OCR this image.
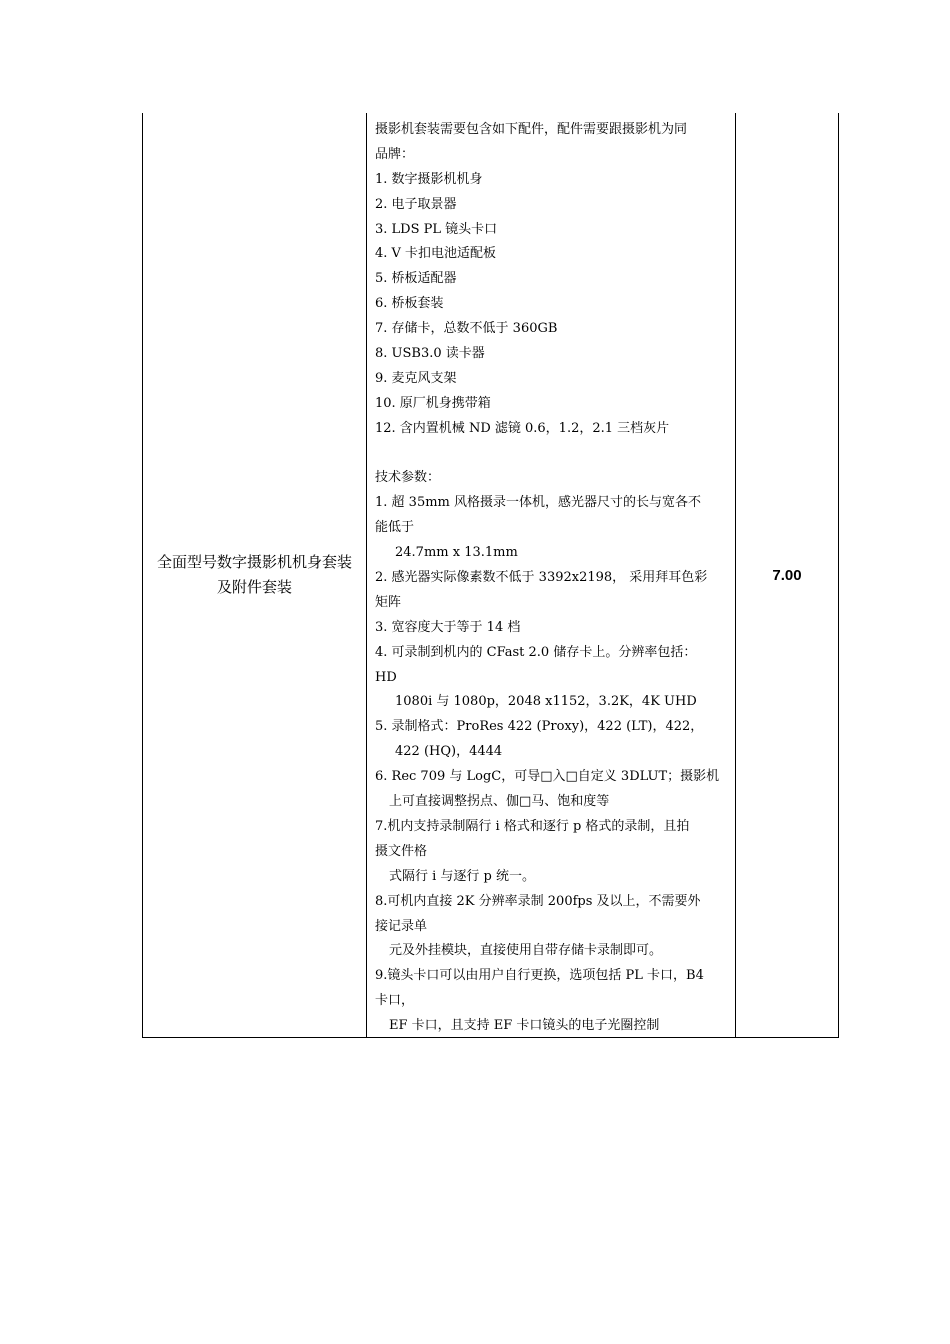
全面型号数字摄影机机身套装及附件套装
摄影机套装需要包含如下配件，配件需要跟摄影机为同
品牌：
1. 数字摄影机机身
2. 电子取景器
3. LDS PL 镜头卡口
4. V 卡扣电池适配板
5. 桥板适配器
6. 桥板套装
7. 存储卡，总数不低于 360GB
8. USB3.0 读卡器
9. 麦克风支架
10. 原厂机身携带箱
12. 含内置机械 ND 滤镜 0.6，1.2，2.1 三档灰片
技术参数：
1. 超 35mm 风格摄录一体机，感光器尺寸的长与宽各不
能低于
24.7mm x 13.1mm
2. 感光器实际像素数不低于 3392x2198， 采用拜耳色彩
矩阵
3. 宽容度大于等于 14 档
4. 可录制到机内的 CFast 2.0 储存卡上。分辨率包括：
HD
1080i 与 1080p，2048 x1152，3.2K，4K UHD
5. 录制格式：ProRes 422 (Proxy)，422 (LT)，422，
422 (HQ)，4444
6. Rec 709 与 LogC，可导□入□自定义 3DLUT；摄影机
上可直接调整拐点、伽□马、饱和度等
7.机内支持录制隔行 i 格式和逐行 p 格式的录制，且拍
摄文件格
式隔行 i 与逐行 p 统一。
8.可机内直接 2K 分辨率录制 200fps 及以上，不需要外
接记录单
元及外挂模块，直接使用自带存储卡录制即可。
9.镜头卡口可以由用户自行更换，选项包括 PL 卡口，B4
卡口，
EF 卡口，且支持 EF 卡口镜头的电子光圈控制
7.00
